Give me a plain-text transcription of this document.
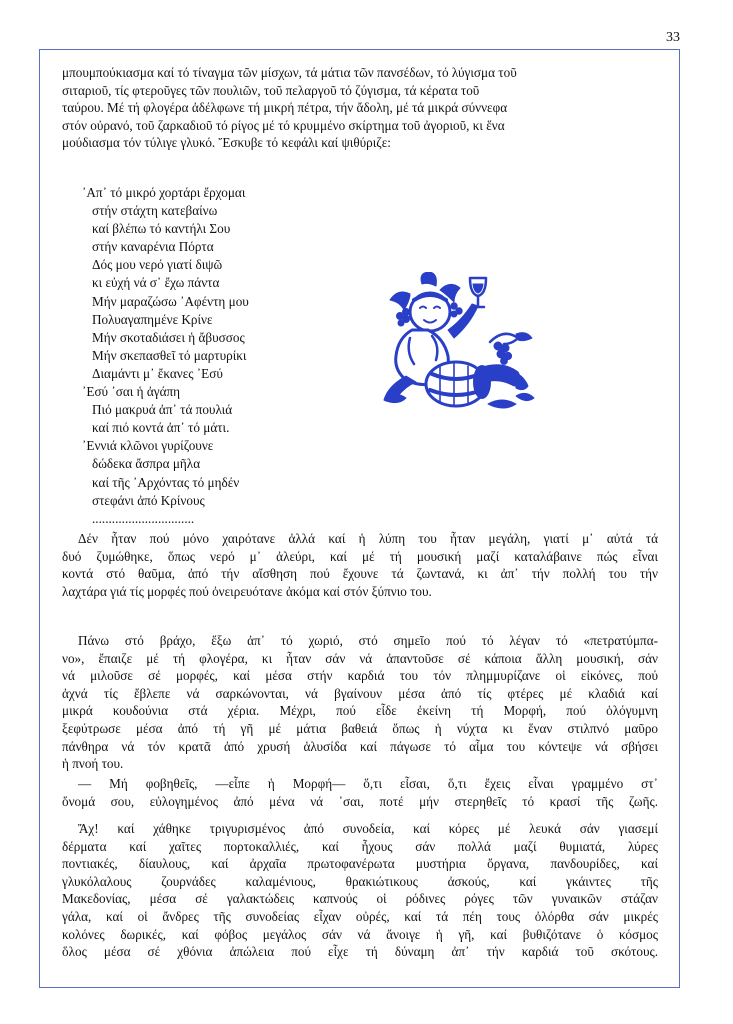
33
μπουμπούκιασμα καί τό τίναγμα τῶν μίσχων, τά μάτια τῶν πανσέδων, τό λύγισμα τοῦ
σιταριοῦ, τίς φτεροῦγες τῶν πουλιῶν, τοῦ πελαργοῦ τό ζύγισμα, τά κέρατα τοῦ
ταύρου. Μέ τή φλογέρα ἀδέλφωνε τή μικρή πέτρα, τήν ἄδολη, μέ τά μικρά σύννεφα
στόν οὐρανό, τοῦ ζαρκαδιοῦ τό ρίγος μέ τό κρυμμένο σκίρτημα τοῦ ἀγοριοῦ, κι ἕνα
μούδιασμα τόν τύλιγε γλυκό. Ἔσκυβε τό κεφάλι καί ψιθύριζε:
᾿Απ᾿ τό μικρό χορτάρι ἔρχομαι
στήν στάχτη κατεβαίνω
καί βλέπω τό καντήλι Σου
στήν καναρένια Πόρτα
Δός μου νερό γιατί διψῶ
κι εὐχή νά σ᾿ ἔχω πάντα
Μήν μαραζώσω ᾿Αφέντη μου
Πολυαγαπημένε Κρίνε
Μήν σκοταδιάσει ἡ ἄβυσσος
Μήν σκεπασθεῖ τό μαρτυρίκι
Διαμάντι μ᾿ ἔκανες ᾿Εσύ
᾿Εσύ ᾿σαι ἡ ἀγάπη
Πιό μακρυά ἀπ᾿ τά πουλιά
καί πιό κοντά ἀπ᾿ τό μάτι.
᾿Εννιά κλῶνοι γυρίζουνε
δώδεκα ἄσπρα μῆλα
καί τῆς ᾿Αρχόντας τό μηδέν
στεφάνι ἀπό Κρίνους
...............................
Δέν ἦταν πού μόνο χαιρότανε ἀλλά καί ἡ λύπη του ἦταν μεγάλη, γιατί μ᾿ αὐτά τά
δυό ζυμώθηκε, ὅπως νερό μ᾿ ἀλεύρι, καί μέ τή μουσική μαζί καταλάβαινε πώς εἶναι
κοντά στό θαῦμα, ἀπό τήν αἴσθηση πού ἔχουνε τά ζωντανά, κι ἀπ᾿ τήν πολλή του τήν
λαχτάρα γιά τίς μορφές πού ὀνειρευότανε ἀκόμα καί στόν ξύπνιο του.
Πάνω στό βράχο, ἔξω ἀπ᾿ τό χωριό, στό σημεῖο πού τό λέγαν τό «πετρατύμπα-
νο», ἔπαιζε μέ τή φλογέρα, κι ἦταν σάν νά ἀπαντοῦσε σέ κάποια ἄλλη μουσική, σάν
νά μιλοῦσε σέ μορφές, καί μέσα στήν καρδιά του τόν πλημμυρίζανε οἱ εἰκόνες, πού
ἀχνά τίς ἔβλεπε νά σαρκώνονται, νά βγαίνουν μέσα ἀπό τίς φτέρες μέ κλαδιά καί
μικρά κουδούνια στά χέρια. Μέχρι, πού εἶδε ἐκείνη τή Μορφή, πού ὁλόγυμνη
ξεφύτρωσε μέσα ἀπό τή γῆ μέ μάτια βαθειά ὅπως ἡ νύχτα κι ἕναν στιλπνό μαῦρο
πάνθηρα νά τόν κρατᾶ ἀπό χρυσή ἁλυσίδα καί πάγωσε τό αἷμα του κόντεψε νά σβήσει
ἡ πνοή του.
— Μή φοβηθεῖς, —εἶπε ἡ Μορφή— ὅ,τι εἶσαι, ὅ,τι ἔχεις εἶναι γραμμένο στ᾿
ὄνομά σου, εὐλογημένος ἀπό μένα νά ᾿σαι, ποτέ μήν στερηθεῖς τό κρασί τῆς ζωῆς.
Ἄχ! καί χάθηκε τριγυρισμένος ἀπό συνοδεία, καί κόρες μέ λευκά σάν γιασεμί
δέρματα καί χαῖτες πορτοκαλλιές, καί ἦχους σάν πολλά μαζί θυμιατά, λύρες
ποντιακές, δίαυλους, καί ἀρχαῖα πρωτοφανέρωτα μυστήρια ὄργανα, πανδουρίδες, καί
γλυκόλαλους ζουρνάδες καλαμένιους, θρακιώτικους ἀσκούς, καί γκάιντες τῆς
Μακεδονίας, μέσα σέ γαλακτώδεις καπνούς οἱ ρόδινες ρόγες τῶν γυναικῶν στάζαν
γάλα, καί οἱ ἄνδρες τῆς συνοδείας εἶχαν οὐρές, καί τά πέη τους ὀλόρθα σάν μικρές
κολόνες δωρικές, καί φόβος μεγάλος σάν νά ἄνοιγε ἡ γῆ, καί βυθιζότανε ὁ κόσμος
ὅλος μέσα σέ χθόνια ἀπώλεια πού εἶχε τή δύναμη ἀπ᾿ τήν καρδιά τοῦ σκότους.
